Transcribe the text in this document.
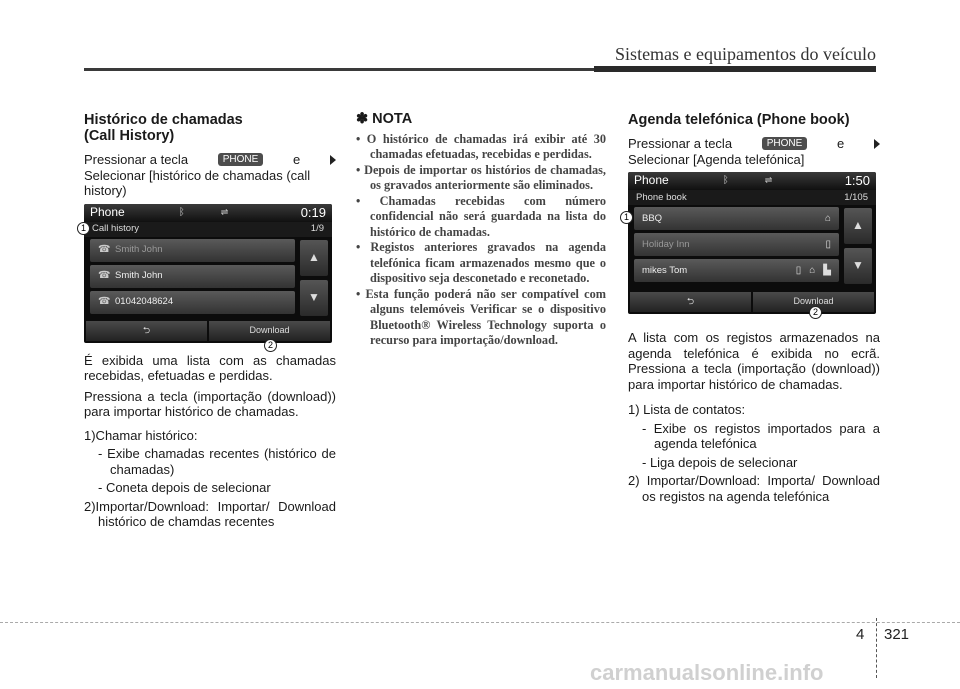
Sistemas e equipamentos do veículo
Histórico de chamadas
(Call History)
Pressionar a tecla	PHONE	e

Selecionar [histórico de chamadas (call history)

Phone	ᛒ	⇌	0:19
Call history	1/9
☎ Smith John
☎ Smith John
☎ 01042048624
▲
▼
⮌	Download
1
2

É exibida uma lista com as chamadas recebidas, efetuadas e perdidas.

Pressiona a tecla (importação (download)) para importar histórico de chamadas.

1)Chamar histórico:

- Exibe chamadas recentes (histórico de chamadas)

- Coneta depois de selecionar

2)Importar/Download: Importar/ Download histórico de chamdas recentes

✽ NOTA
• O histórico de chamadas irá exibir até 30 chamadas efetuadas, recebidas e perdidas.
• Depois de importar os histórios de chamadas, os gravados anteriormente são eliminados.
• Chamadas recebidas com número confidencial não será guardada na lista do histórico de chamadas.
• Registos anteriores gravados na agenda telefónica ficam armazenados mesmo que o dispositivo seja desconetado e reconetado.
• Esta função poderá não ser compatível com alguns telemóveis Verificar se o dispositivo Bluetooth® Wireless Technology suporta o recurso para importação/download.
Agenda telefónica (Phone book)
Pressionar a tecla	PHONE	e

Selecionar [Agenda telefónica]

Phone	ᛒ	⇌	1:50
Phone book	1/105
BBQ	⌂
Holiday Inn	▯
mikes Tom	▯ ⌂ ▙
▲
▼
⮌	Download
1
2

A lista com os registos armazenados na agenda telefónica é exibida no ecrã. Pressiona a tecla (importação (download)) para importar histórico de chamadas.

1) Lista de contatos:

- Exibe os registos importados para a agenda telefónica

- Liga depois de selecionar

2) Importar/Download: Importa/ Download os registos na agenda telefónica

4 321
carmanualsonline.info
